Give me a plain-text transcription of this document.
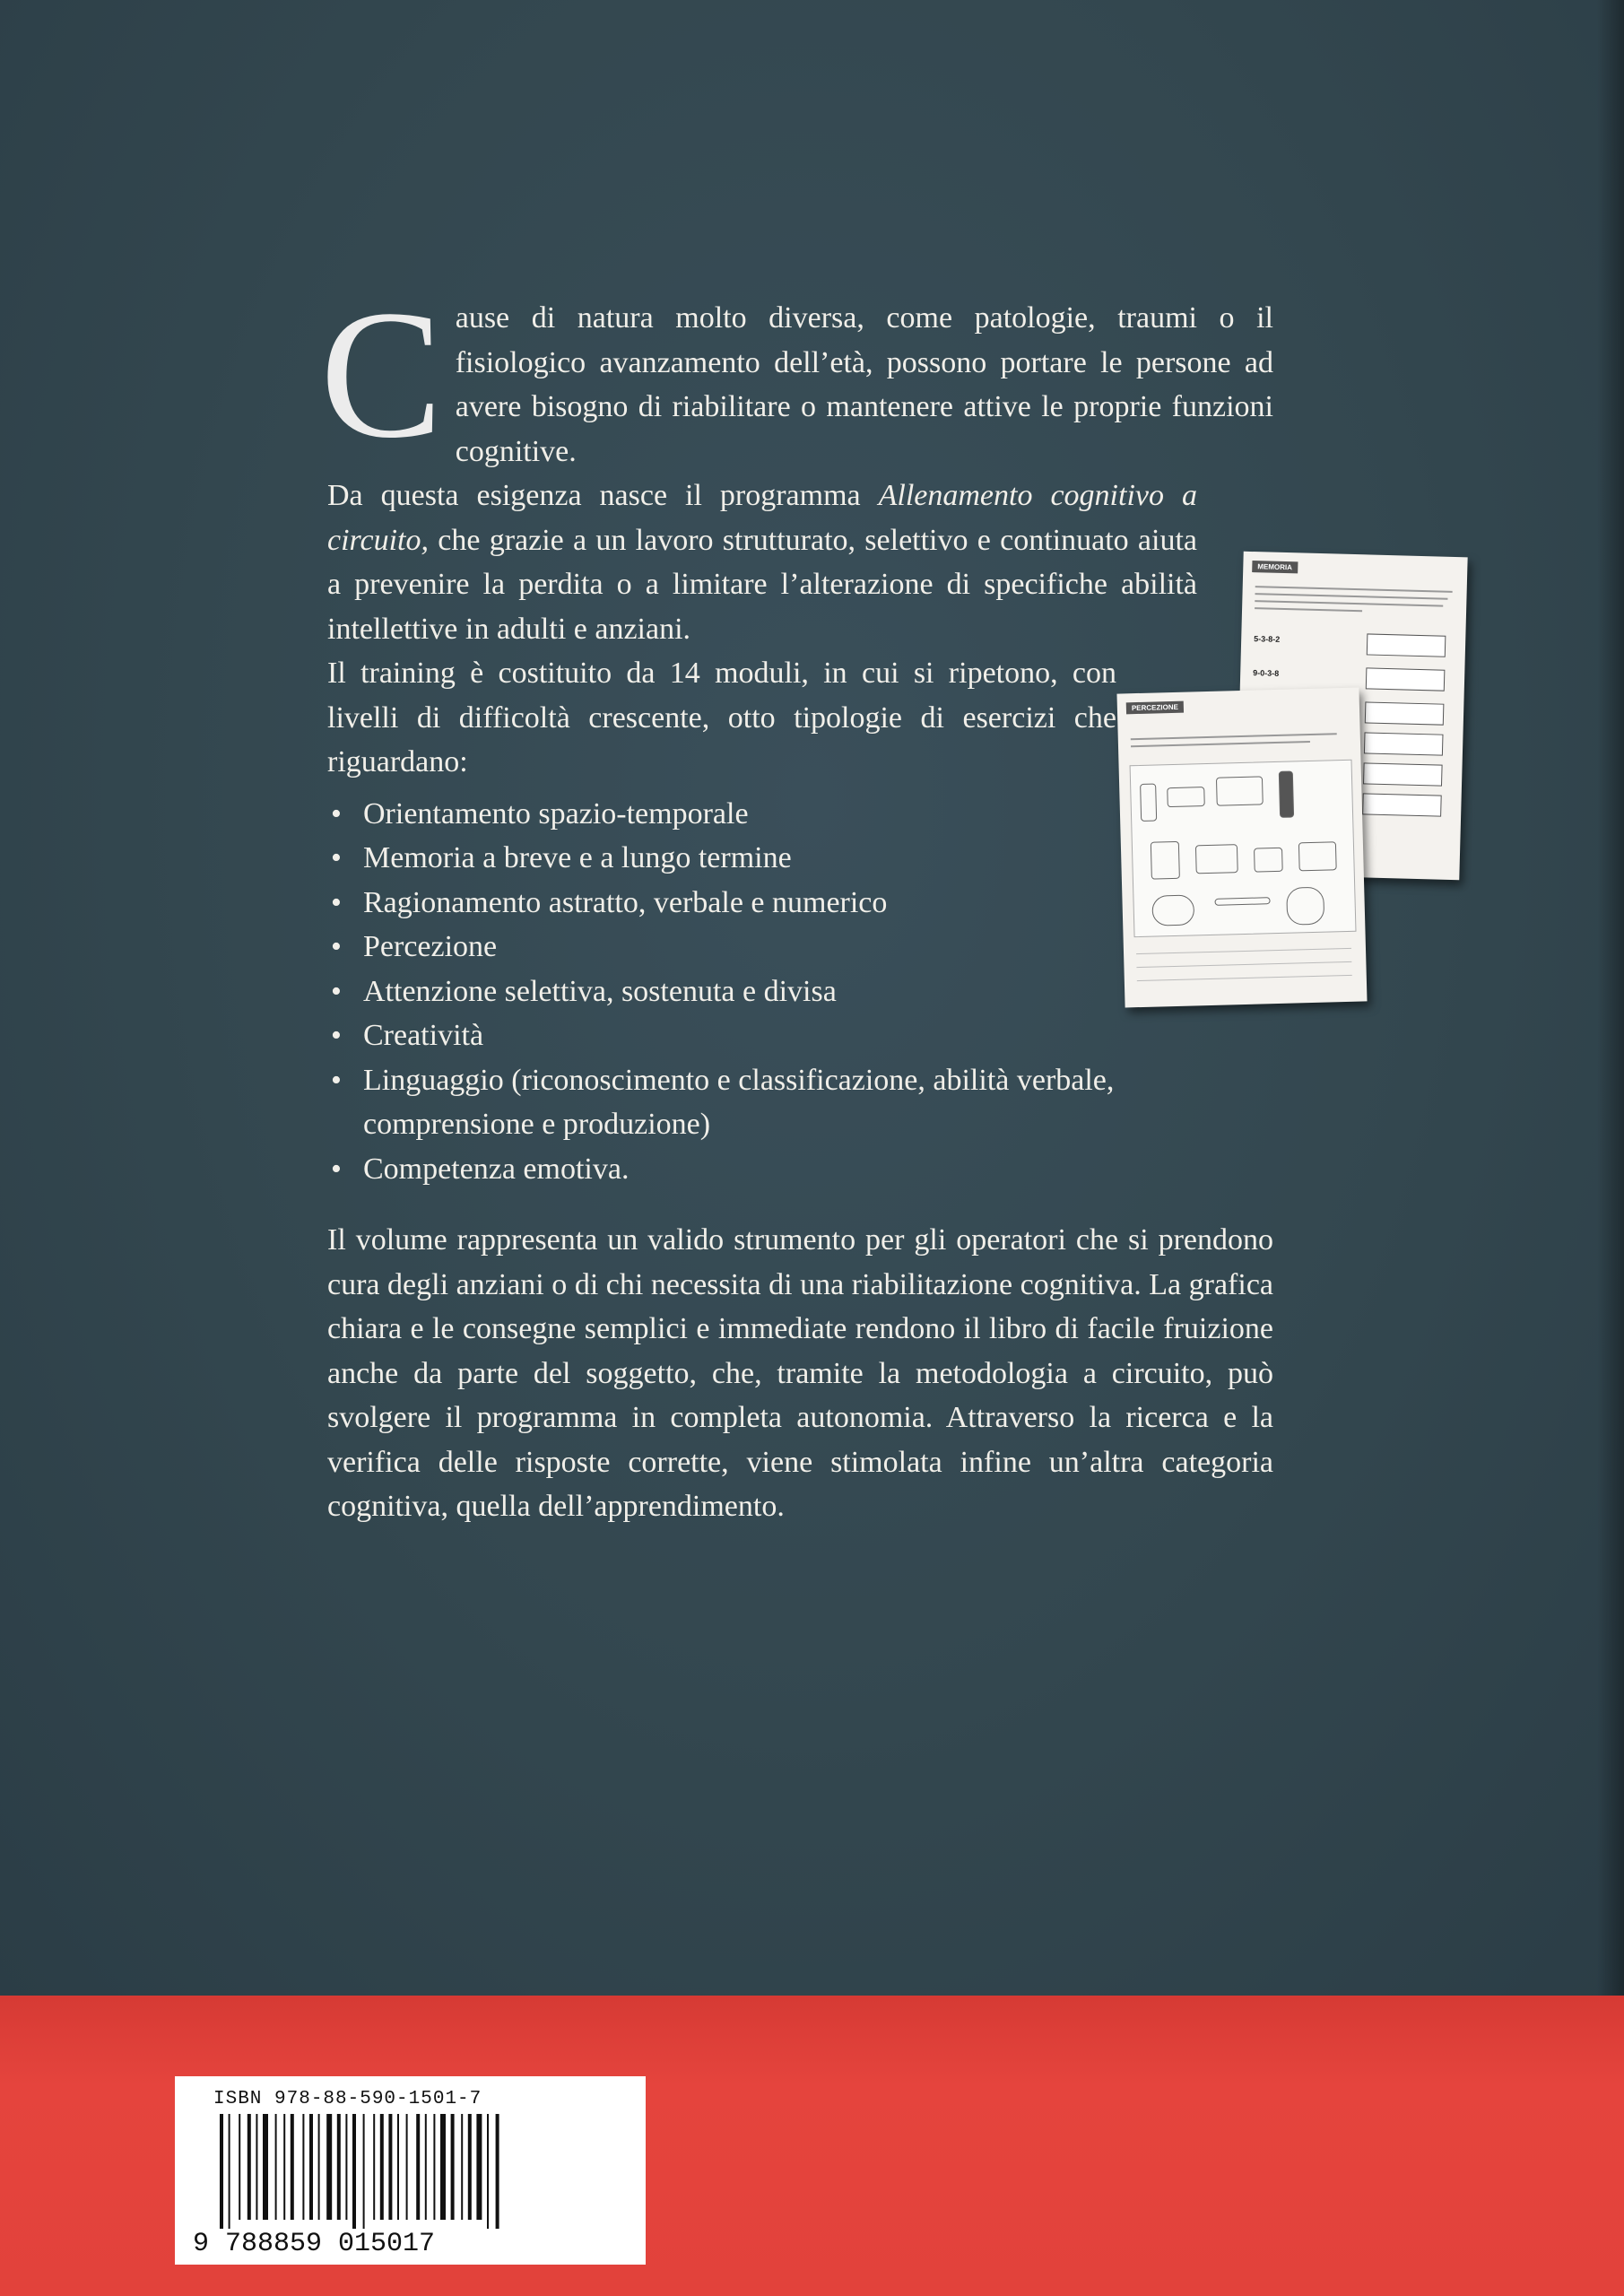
Cause di natura molto diversa, come patologie, traumi o il fisiologico avanzamento dell’età, possono portare le persone ad avere bisogno di riabilitare o mantenere attive le proprie funzioni cognitive.

Da questa esigenza nasce il programma Allenamento cognitivo a circuito, che grazie a un lavoro strutturato, selettivo e continuato aiuta a prevenire la perdita o a limitare l’alterazione di specifiche abilità intellettive in adulti e anziani.

Il training è costituito da 14 moduli, in cui si ripetono, con livelli di difficoltà crescente, otto tipologie di esercizi che riguardano:

• Orientamento spazio-temporale
• Memoria a breve e a lungo termine
• Ragionamento astratto, verbale e numerico
• Percezione
• Attenzione selettiva, sostenuta e divisa
• Creatività
• Linguaggio (riconoscimento e classificazione, abilità verbale, comprensione e produzione)
• Competenza emotiva.

Il volume rappresenta un valido strumento per gli operatori che si prendono cura degli anziani o di chi necessita di una riabilitazione cognitiva. La grafica chiara e le consegne semplici e immediate rendono il libro di facile fruizione anche da parte del soggetto, che, tramite la metodologia a circuito, può svolgere il programma in completa autonomia. Attraverso la ricerca e la verifica delle risposte corrette, viene stimolata infine un’altra categoria cognitiva, quella dell’apprendimento.

MEMORIA
5-3-8-2
9-0-3-8
PERCEZIONE
ISBN 978-88-590-1501-7
9 788859 015017
